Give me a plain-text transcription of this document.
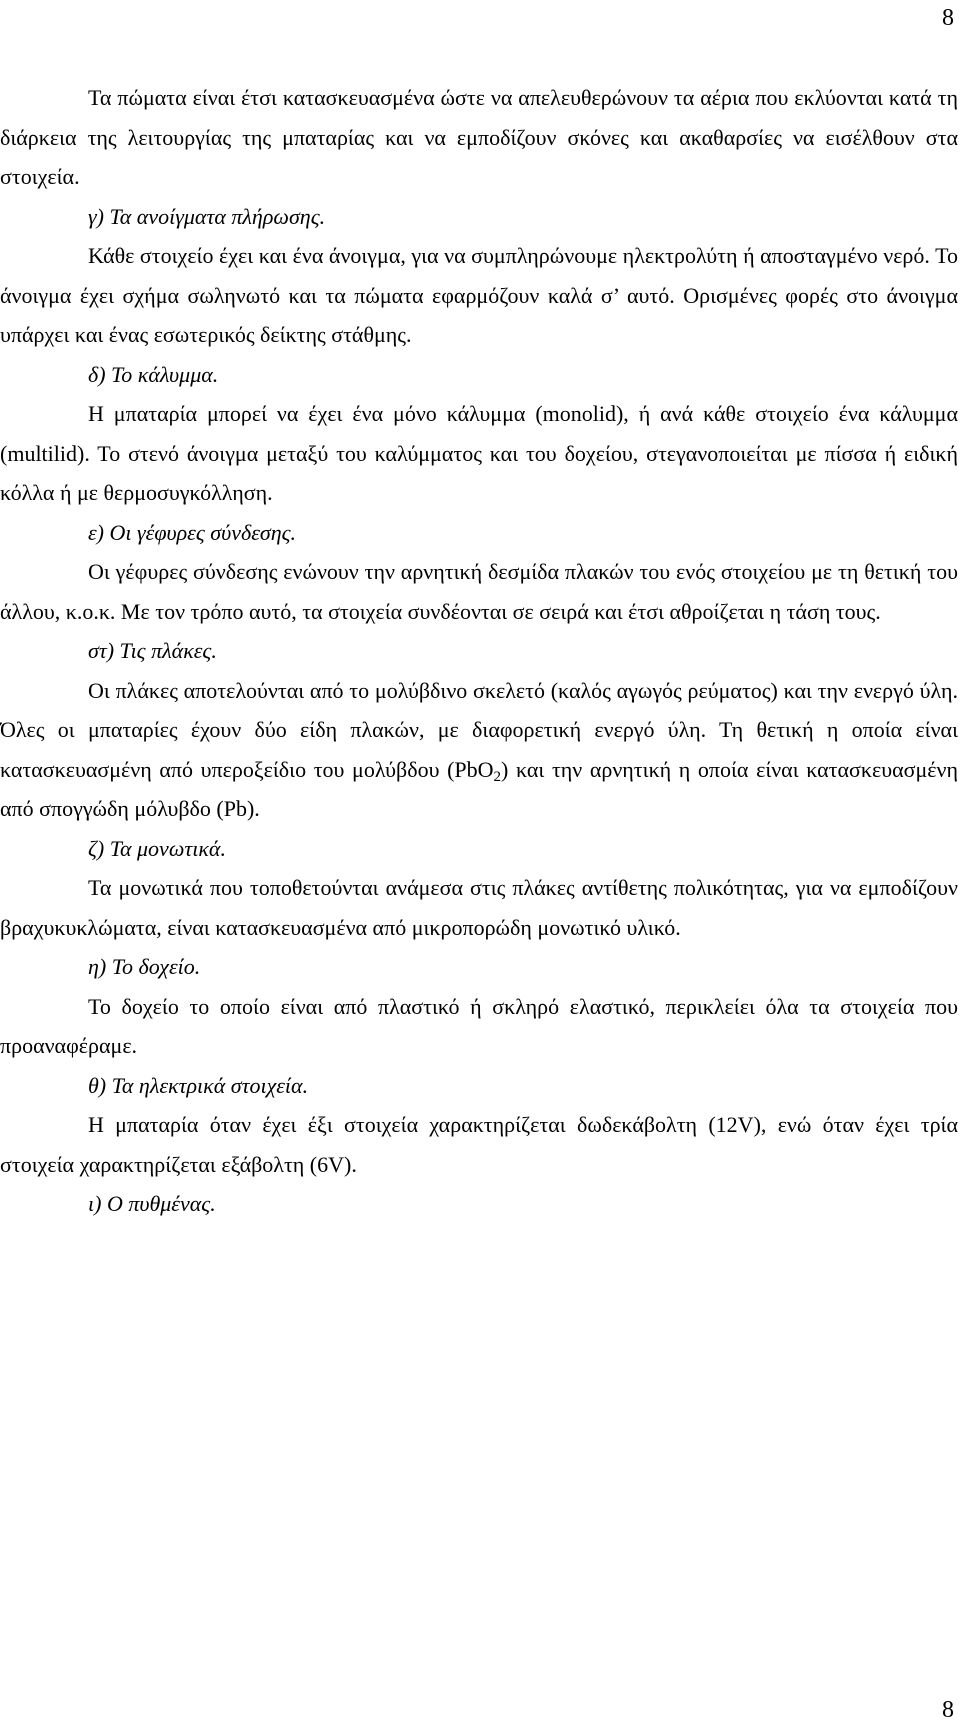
8

Τα πώματα είναι έτσι κατασκευασμένα ώστε να απελευθερώνουν τα αέρια που εκλύονται κατά τη διάρκεια της λειτουργίας της μπαταρίας και να εμποδίζουν σκόνες και ακαθαρσίες να εισέλθουν στα στοιχεία.

γ) Τα ανοίγματα πλήρωσης.

Κάθε στοιχείο έχει και ένα άνοιγμα, για να συμπληρώνουμε ηλεκτρολύτη ή αποσταγμένο νερό. Το άνοιγμα έχει σχήμα σωληνωτό και τα πώματα εφαρμόζουν καλά σ’ αυτό. Ορισμένες φορές στο άνοιγμα υπάρχει και ένας εσωτερικός δείκτης στάθμης.

δ) Το κάλυμμα.

Η μπαταρία μπορεί να έχει ένα μόνο κάλυμμα (monolid), ή ανά κάθε στοιχείο ένα κάλυμμα (multilid). Το στενό άνοιγμα μεταξύ του καλύμματος και του δοχείου, στεγανοποιείται με πίσσα ή ειδική κόλλα ή με θερμοσυγκόλληση.

ε) Οι γέφυρες σύνδεσης.

Οι γέφυρες σύνδεσης ενώνουν την αρνητική δεσμίδα πλακών του ενός στοιχείου με τη θετική του άλλου, κ.ο.κ. Με τον τρόπο αυτό, τα στοιχεία συνδέονται σε σειρά και έτσι αθροίζεται η τάση τους.

στ) Τις πλάκες.

Οι πλάκες αποτελούνται από το μολύβδινο σκελετό (καλός αγωγός ρεύματος) και την ενεργό ύλη. Όλες οι μπαταρίες έχουν δύο είδη πλακών, με διαφορετική ενεργό ύλη. Τη θετική η οποία είναι κατασκευασμένη από υπεροξείδιο του μολύβδου (PbO$_2$) και την αρνητική η οποία είναι κατασκευασμένη από σπογγώδη μόλυβδο (Pb).

ζ) Τα μονωτικά.

Τα μονωτικά που τοποθετούνται ανάμεσα στις πλάκες αντίθετης πολικότητας, για να εμποδίζουν βραχυκυκλώματα, είναι κατασκευασμένα από μικροπορώδη μονωτικό υλικό.

η) Το δοχείο.

Το δοχείο το οποίο είναι από πλαστικό ή σκληρό ελαστικό, περικλείει όλα τα στοιχεία που προαναφέραμε.

θ) Τα ηλεκτρικά στοιχεία.

Η μπαταρία όταν έχει έξι στοιχεία χαρακτηρίζεται δωδεκάβολτη (12V), ενώ όταν έχει τρία στοιχεία χαρακτηρίζεται εξάβολτη (6V).

ι) Ο πυθμένας.

8
